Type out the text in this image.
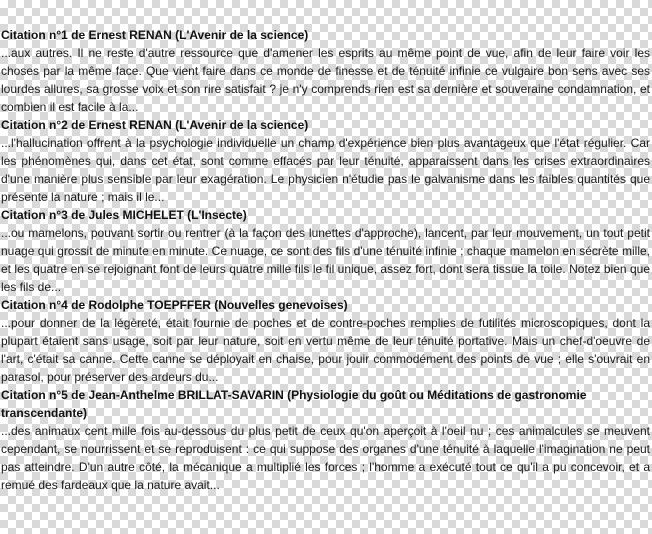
Citation n°1 de Ernest RENAN (L'Avenir de la science)
...aux autres. Il ne reste d'autre ressource que d'amener les esprits au même point de vue, afin de leur faire voir les choses par la même face. Que vient faire dans ce monde de finesse et de ténuité infinie ce vulgaire bon sens avec ses lourdes allures, sa grosse voix et son rire satisfait ? je n'y comprends rien est sa dernière et souveraine condamnation, et combien il est facile à la...
Citation n°2 de Ernest RENAN (L'Avenir de la science)
...l'hallucination offrent à la psychologie individuelle un champ d'expérience bien plus avantageux que l'état régulier. Car les phénomènes qui, dans cet état, sont comme effacés par leur ténuité, apparaissent dans les crises extraordinaires d'une manière plus sensible par leur exagération. Le physicien n'étudie pas le galvanisme dans les faibles quantités que présente la nature ; mais il le...
Citation n°3 de Jules MICHELET (L'Insecte)
...ou mamelons, pouvant sortir ou rentrer (à la façon des lunettes d'approche), lancent, par leur mouvement, un tout petit nuage qui grossit de minute en minute. Ce nuage, ce sont des fils d'une ténuité infinie ; chaque mamelon en sécrète mille, et les quatre en se rejoignant font de leurs quatre mille fils le fil unique, assez fort, dont sera tissue la toile. Notez bien que les fils de...
Citation n°4 de Rodolphe TOEPFFER (Nouvelles genevoises)
...pour donner de la légèreté, était fournie de poches et de contre-poches remplies de futilités microscopiques, dont la plupart étaient sans usage, soit par leur nature, soit en vertu même de leur ténuité portative. Mais un chef-d'oeuvre de l'art, c'était sa canne. Cette canne se déployait en chaise, pour jouir commodément des points de vue ; elle s'ouvrait en parasol, pour préserver des ardeurs du...
Citation n°5 de Jean-Anthelme BRILLAT-SAVARIN (Physiologie du goût ou Méditations de gastronomie transcendante)
...des animaux cent mille fois au-dessous du plus petit de ceux qu'on aperçoit à l'oeil nu ; ces animalcules se meuvent cependant, se nourrissent et se reproduisent : ce qui suppose des organes d'une ténuité à laquelle l'imagination ne peut pas atteindre. D'un autre côté, la mécanique a multiplié les forces ; l'homme a exécuté tout ce qu'il a pu concevoir, et a remué des fardeaux que la nature avait...
